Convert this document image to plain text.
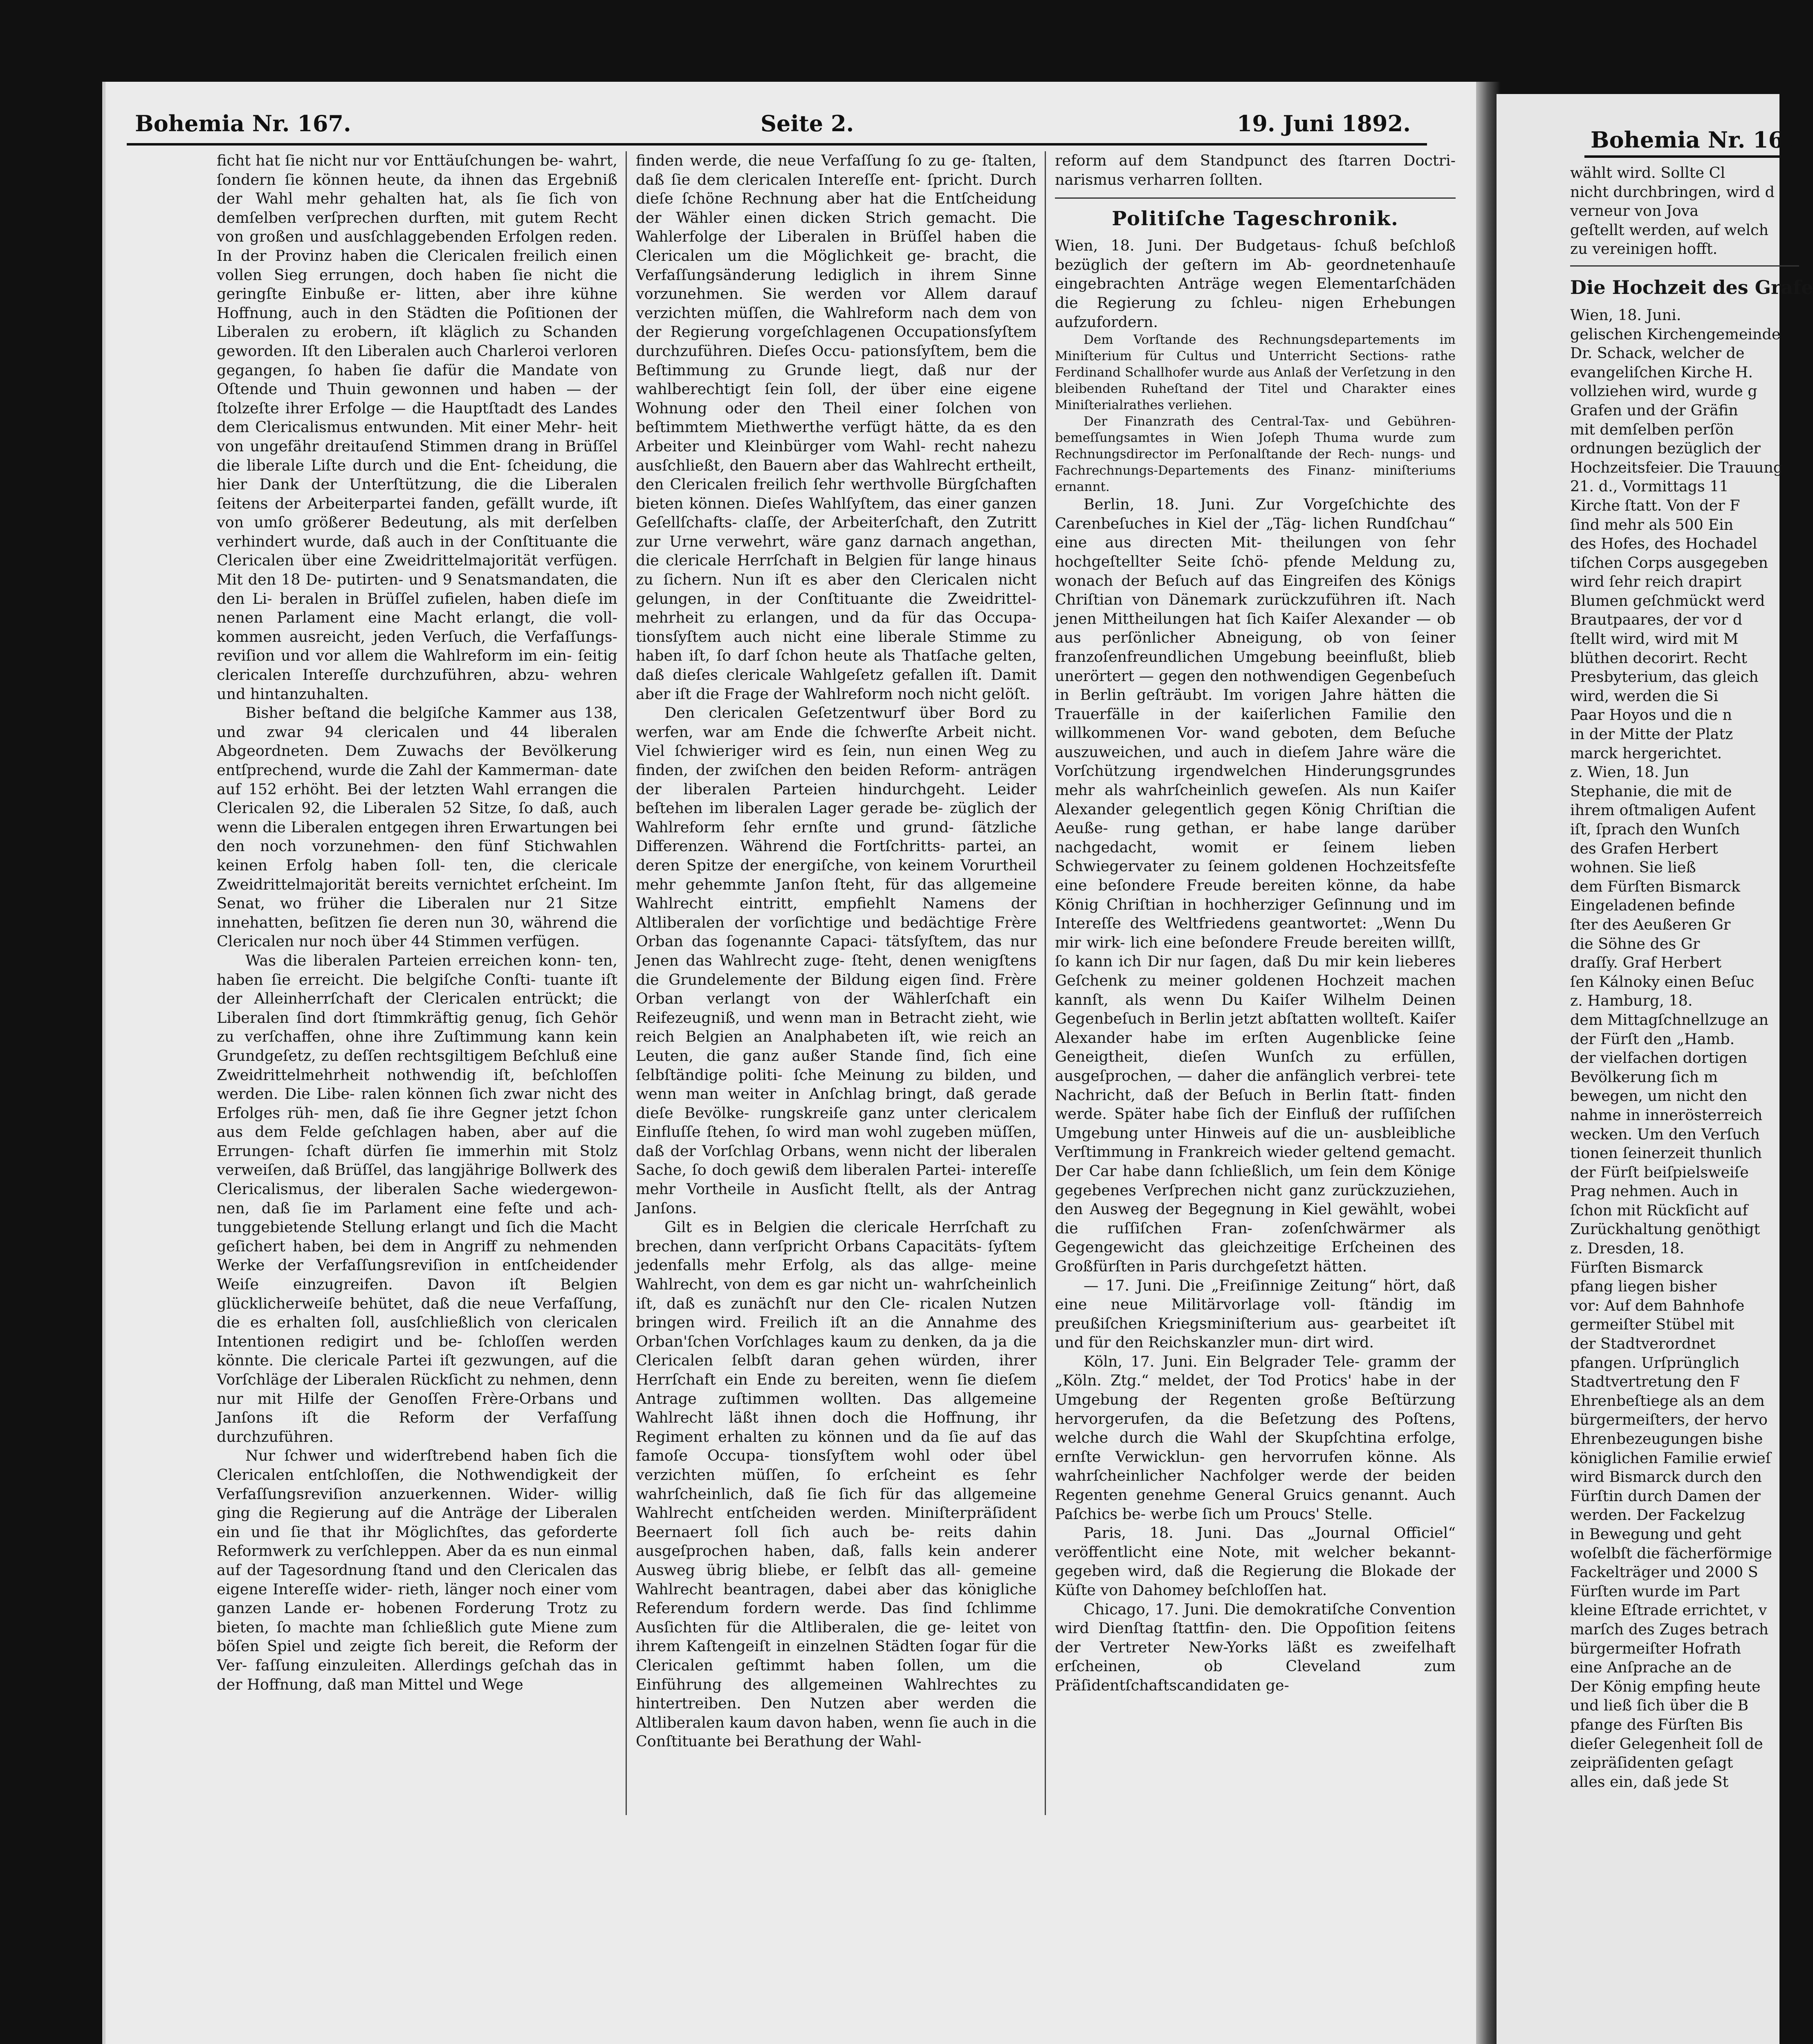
Bohemia Nr. 167.	Seite 2.	19. Juni 1892.

ficht hat ſie nicht nur vor Enttäuſchungen be- wahrt, ſondern ſie können heute, da ihnen das Ergebniß der Wahl mehr gehalten hat, als ſie ſich von demſelben verſprechen durften, mit gutem Recht von großen und ausſchlaggebenden Erfolgen reden. In der Provinz haben die Clericalen freilich einen vollen Sieg errungen, doch haben ſie nicht die geringſte Einbuße er- litten, aber ihre kühne Hoffnung, auch in den Städten die Poſitionen der Liberalen zu erobern, iſt kläglich zu Schanden geworden. Iſt den Liberalen auch Charleroi verloren gegangen, ſo haben ſie dafür die Mandate von Oſtende und Thuin gewonnen und haben — der ſtolzeſte ihrer Erfolge — die Hauptſtadt des Landes dem Clericalismus entwunden. Mit einer Mehr- heit von ungefähr dreitauſend Stimmen drang in Brüſſel die liberale Liſte durch und die Ent- ſcheidung, die hier Dank der Unterſtützung, die die Liberalen ſeitens der Arbeiterpartei fanden, gefällt wurde, iſt von umſo größerer Bedeutung, als mit derſelben verhindert wurde, daß auch in der Conſtituante die Clericalen über eine Zweidrittelmajorität verfügen. Mit den 18 De- putirten- und 9 Senatsmandaten, die den Li- beralen in Brüſſel zufielen, haben dieſe im nenen Parlament eine Macht erlangt, die voll- kommen ausreicht, jeden Verſuch, die Verfaſſungs- reviſion und vor allem die Wahlreform im ein- ſeitig clericalen Intereſſe durchzuführen, abzu- wehren und hintanzuhalten.

Bisher beſtand die belgiſche Kammer aus 138, und zwar 94 clericalen und 44 liberalen Abgeordneten. Dem Zuwachs der Bevölkerung entſprechend, wurde die Zahl der Kammerman- date auf 152 erhöht. Bei der letzten Wahl errangen die Clericalen 92, die Liberalen 52 Sitze, ſo daß, auch wenn die Liberalen entgegen ihren Erwartungen bei den noch vorzunehmen- den fünf Stichwahlen keinen Erfolg haben ſoll- ten, die clericale Zweidrittelmajorität bereits vernichtet erſcheint. Im Senat, wo früher die Liberalen nur 21 Sitze innehatten, beſitzen ſie deren nun 30, während die Clericalen nur noch über 44 Stimmen verfügen.

Was die liberalen Parteien erreichen konn- ten, haben ſie erreicht. Die belgiſche Conſti- tuante iſt der Alleinherrſchaft der Clericalen entrückt; die Liberalen ſind dort ſtimmkräftig genug, ſich Gehör zu verſchaffen, ohne ihre Zuſtimmung kann kein Grundgeſetz, zu deſſen rechtsgiltigem Beſchluß eine Zweidrittelmehrheit nothwendig iſt, beſchloſſen werden. Die Libe- ralen können ſich zwar nicht des Erfolges rüh- men, daß ſie ihre Gegner jetzt ſchon aus dem Felde geſchlagen haben, aber auf die Errungen- ſchaft dürfen ſie immerhin mit Stolz verweiſen, daß Brüſſel, das langjährige Bollwerk des Clericalismus, der liberalen Sache wiedergewon- nen, daß ſie im Parlament eine feſte und ach- tunggebietende Stellung erlangt und ſich die Macht geſichert haben, bei dem in Angriff zu nehmenden Werke der Verfaſſungsreviſion in entſcheidender Weiſe einzugreifen. Davon iſt Belgien glücklicherweiſe behütet, daß die neue Verfaſſung, die es erhalten ſoll, ausſchließlich von clericalen Intentionen redigirt und be- ſchloſſen werden könnte. Die clericale Partei iſt gezwungen, auf die Vorſchläge der Liberalen Rückſicht zu nehmen, denn nur mit Hilfe der Genoſſen Frère-Orbans und Janſons iſt die Reform der Verfaſſung durchzuführen.

Nur ſchwer und widerſtrebend haben ſich die Clericalen entſchloſſen, die Nothwendigkeit der Verfaſſungsreviſion anzuerkennen. Wider- willig ging die Regierung auf die Anträge der Liberalen ein und ſie that ihr Möglichſtes, das geforderte Reformwerk zu verſchleppen. Aber da es nun einmal auf der Tagesordnung ſtand und den Clericalen das eigene Intereſſe wider- rieth, länger noch einer vom ganzen Lande er- hobenen Forderung Trotz zu bieten, ſo machte man ſchließlich gute Miene zum böſen Spiel und zeigte ſich bereit, die Reform der Ver- faſſung einzuleiten. Allerdings geſchah das in der Hoffnung, daß man Mittel und Wege

finden werde, die neue Verfaſſung ſo zu ge- ſtalten, daß ſie dem clericalen Intereſſe ent- ſpricht. Durch dieſe ſchöne Rechnung aber hat die Entſcheidung der Wähler einen dicken Strich gemacht. Die Wahlerfolge der Liberalen in Brüſſel haben die Clericalen um die Möglichkeit ge- bracht, die Verfaſſungsänderung lediglich in ihrem Sinne vorzunehmen. Sie werden vor Allem darauf verzichten müſſen, die Wahlreform nach dem von der Regierung vorgeſchlagenen Occupationsſyſtem durchzuführen. Dieſes Occu- pationsſyſtem, bem die Beſtimmung zu Grunde liegt, daß nur der wahlberechtigt ſein ſoll, der über eine eigene Wohnung oder den Theil einer ſolchen von beſtimmtem Miethwerthe verfügt hätte, da es den Arbeiter und Kleinbürger vom Wahl- recht nahezu ausſchließt, den Bauern aber das Wahlrecht ertheilt, den Clericalen freilich ſehr werthvolle Bürgſchaften bieten können. Dieſes Wahlſyſtem, das einer ganzen Geſellſchafts- claſſe, der Arbeiterſchaft, den Zutritt zur Urne verwehrt, wäre ganz darnach angethan, die clericale Herrſchaft in Belgien für lange hinaus zu ſichern. Nun iſt es aber den Clericalen nicht gelungen, in der Conſtituante die Zweidrittel- mehrheit zu erlangen, und da für das Occupa- tionsſyſtem auch nicht eine liberale Stimme zu haben iſt, ſo darf ſchon heute als Thatſache gelten, daß dieſes clericale Wahlgeſetz gefallen iſt. Damit aber iſt die Frage der Wahlreform noch nicht gelöſt.

Den clericalen Geſetzentwurf über Bord zu werfen, war am Ende die ſchwerſte Arbeit nicht. Viel ſchwieriger wird es ſein, nun einen Weg zu finden, der zwiſchen den beiden Reform- anträgen der liberalen Parteien hindurchgeht. Leider beſtehen im liberalen Lager gerade be- züglich der Wahlreform ſehr ernſte und grund- ſätzliche Differenzen. Während die Fortſchritts- partei, an deren Spitze der energiſche, von keinem Vorurtheil mehr gehemmte Janſon ſteht, für das allgemeine Wahlrecht eintritt, empfiehlt Namens der Altliberalen der vorſichtige und bedächtige Frère Orban das ſogenannte Capaci- tätsſyſtem, das nur Jenen das Wahlrecht zuge- ſteht, denen wenigſtens die Grundelemente der Bildung eigen ſind. Frère Orban verlangt von der Wählerſchaft ein Reifezeugniß, und wenn man in Betracht zieht, wie reich Belgien an Analphabeten iſt, wie reich an Leuten, die ganz außer Stande ſind, ſich eine ſelbſtändige politi- ſche Meinung zu bilden, und wenn man weiter in Anſchlag bringt, daß gerade dieſe Bevölke- rungskreiſe ganz unter clericalem Einfluſſe ſtehen, ſo wird man wohl zugeben müſſen, daß der Vorſchlag Orbans, wenn nicht der liberalen Sache, ſo doch gewiß dem liberalen Partei- intereſſe mehr Vortheile in Ausſicht ſtellt, als der Antrag Janſons.

Gilt es in Belgien die clericale Herrſchaft zu brechen, dann verſpricht Orbans Capacitäts- ſyſtem jedenfalls mehr Erfolg, als das allge- meine Wahlrecht, von dem es gar nicht un- wahrſcheinlich iſt, daß es zunächſt nur den Cle- ricalen Nutzen bringen wird. Freilich iſt an die Annahme des Orban'ſchen Vorſchlages kaum zu denken, da ja die Clericalen ſelbſt daran gehen würden, ihrer Herrſchaft ein Ende zu bereiten, wenn ſie dieſem Antrage zuſtimmen wollten. Das allgemeine Wahlrecht läßt ihnen doch die Hoffnung, ihr Regiment erhalten zu können und da ſie auf das famoſe Occupa- tionsſyſtem wohl oder übel verzichten müſſen, ſo erſcheint es ſehr wahrſcheinlich, daß ſie ſich für das allgemeine Wahlrecht entſcheiden werden. Miniſterpräſident Beernaert ſoll ſich auch be- reits dahin ausgeſprochen haben, daß, falls kein anderer Ausweg übrig bliebe, er ſelbſt das all- gemeine Wahlrecht beantragen, dabei aber das königliche Referendum fordern werde. Das ſind ſchlimme Ausſichten für die Altliberalen, die ge- leitet von ihrem Kaſtengeiſt in einzelnen Städten ſogar für die Clericalen geſtimmt haben ſollen, um die Einführung des allgemeinen Wahlrechtes zu hintertreiben. Den Nutzen aber werden die Altliberalen kaum davon haben, wenn ſie auch in die Conſtituante bei Berathung der Wahl-

reform auf dem Standpunct des ſtarren Doctri- narismus verharren ſollten.

Politiſche Tageschronik.

Wien, 18. Juni. Der Budgetaus- ſchuß beſchloß bezüglich der geſtern im Ab- geordnetenhauſe eingebrachten Anträge wegen Elementarſchäden die Regierung zu ſchleu- nigen Erhebungen aufzufordern.

Dem Vorſtande des Rechnungsdepartements im Miniſterium für Cultus und Unterricht Sections- rathe Ferdinand Schallhofer wurde aus Anlaß der Verſetzung in den bleibenden Ruheſtand der Titel und Charakter eines Miniſterialrathes verliehen.

Der Finanzrath des Central-Tax- und Gebühren- bemeſſungsamtes in Wien Joſeph Thuma wurde zum Rechnungsdirector im Perſonalſtande der Rech- nungs- und Fachrechnungs-Departements des Finanz- miniſteriums ernannt.

Berlin, 18. Juni. Zur Vorgeſchichte des Carenbeſuches in Kiel der „Täg- lichen Rundſchau“ eine aus directen Mit- theilungen von ſehr hochgeſtellter Seite ſchö- pfende Meldung zu, wonach der Beſuch auf das Eingreifen des Königs Chriſtian von Dänemark zurückzuführen iſt. Nach jenen Mittheilungen hat ſich Kaiſer Alexander — ob aus perſönlicher Abneigung, ob von ſeiner franzoſenfreundlichen Umgebung beeinflußt, blieb unerörtert — gegen den nothwendigen Gegenbeſuch in Berlin geſträubt. Im vorigen Jahre hätten die Trauerfälle in der kaiſerlichen Familie den willkommenen Vor- wand geboten, dem Beſuche auszuweichen, und auch in dieſem Jahre wäre die Vorſchützung irgendwelchen Hinderungsgrundes mehr als wahrſcheinlich geweſen. Als nun Kaiſer Alexander gelegentlich gegen König Chriſtian die Aeuße- rung gethan, er habe lange darüber nachgedacht, womit er ſeinem lieben Schwiegervater zu ſeinem goldenen Hochzeitsfeſte eine beſondere Freude bereiten könne, da habe König Chriſtian in hochherziger Geſinnung und im Intereſſe des Weltfriedens geantwortet: „Wenn Du mir wirk- lich eine beſondere Freude bereiten willſt, ſo kann ich Dir nur ſagen, daß Du mir kein lieberes Geſchenk zu meiner goldenen Hochzeit machen kannſt, als wenn Du Kaiſer Wilhelm Deinen Gegenbeſuch in Berlin jetzt abſtatten wollteſt. Kaiſer Alexander habe im erſten Augenblicke ſeine Geneigtheit, dieſen Wunſch zu erfüllen, ausgeſprochen, — daher die anfänglich verbrei- tete Nachricht, daß der Beſuch in Berlin ſtatt- finden werde. Später habe ſich der Einfluß der ruſſiſchen Umgebung unter Hinweis auf die un- ausbleibliche Verſtimmung in Frankreich wieder geltend gemacht. Der Car habe dann ſchließlich, um ſein dem Könige gegebenes Verſprechen nicht ganz zurückzuziehen, den Ausweg der Begegnung in Kiel gewählt, wobei die ruſſiſchen Fran- zoſenſchwärmer als Gegengewicht das gleichzeitige Erſcheinen des Großfürſten in Paris durchgeſetzt hätten.

— 17. Juni. Die „Freiſinnige Zeitung“ hört, daß eine neue Militärvorlage voll- ſtändig im preußiſchen Kriegsminiſterium aus- gearbeitet iſt und für den Reichskanzler mun- dirt wird.

Köln, 17. Juni. Ein Belgrader Tele- gramm der „Köln. Ztg.“ meldet, der Tod Protics' habe in der Umgebung der Regenten große Beſtürzung hervorgerufen, da die Beſetzung des Poſtens, welche durch die Wahl der Skupſchtina erfolge, ernſte Verwicklun- gen hervorrufen könne. Als wahrſcheinlicher Nachfolger werde der beiden Regenten genehme General Gruics genannt. Auch Paſchics be- werbe ſich um Proucs' Stelle.

Paris, 18. Juni. Das „Journal Officiel“ veröffentlicht eine Note, mit welcher bekannt- gegeben wird, daß die Regierung die Blokade der Küſte von Dahomey beſchloſſen hat.

Chicago, 17. Juni. Die demokratiſche Convention wird Dienſtag ſtattfin- den. Die Oppoſition ſeitens der Vertreter New-Yorks läßt es zweifelhaft erſcheinen, ob Cleveland zum Präſidentſchaftscandidaten ge-

Bohemia Nr. 167
wählt wird. Sollte Cl
nicht durchbringen, wird d
verneur von Jova
geſtellt werden, auf welch
zu vereinigen hofft.
Die Hochzeit des Grafe
Wien, 18. Juni.
gelischen Kirchengemeinde
Dr. Schack, welcher de
evangeliſchen Kirche H.
vollziehen wird, wurde g
Grafen und der Gräfin
mit demſelben perſön
ordnungen bezüglich der
Hochzeitsfeier. Die Trauung
21. d., Vormittags 11
Kirche ſtatt. Von der F
ſind mehr als 500 Ein
des Hofes, des Hochadel
tiſchen Corps ausgegeben
wird ſehr reich drapirt
Blumen geſchmückt werd
Brautpaares, der vor d
ſtellt wird, wird mit M
blüthen decorirt. Recht
Presbyterium, das gleich
wird, werden die Si
Paar Hoyos und die n
in der Mitte der Platz
marck hergerichtet.
z. Wien, 18. Jun
Stephanie, die mit de
ihrem oſtmaligen Aufent
iſt, ſprach den Wunſch
des Grafen Herbert
wohnen. Sie ließ
dem Fürſten Bismarck
Eingeladenen befinde
ſter des Aeußeren Gr
die Söhne des Gr
draſſy. Graf Herbert
ſen Kálnoky einen Beſuc
z. Hamburg, 18.
dem Mittagſchnellzuge an
der Fürſt den „Hamb.
der vielfachen dortigen
Bevölkerung ſich m
bewegen, um nicht den
nahme in innerösterreich
wecken. Um den Verſuch
tionen ſeinerzeit thunlich
der Fürſt beiſpielsweiſe
Prag nehmen. Auch in
ſchon mit Rückſicht auf
Zurückhaltung genöthigt
z. Dresden, 18.
Fürſten Bismarck
pfang liegen bisher
vor: Auf dem Bahnhofe
germeiſter Stübel mit
der Stadtverordnet
pfangen. Urſprünglich
Stadtvertretung den F
Ehrenbeſtiege als an dem
bürgermeiſters, der hervo
Ehrenbezeugungen bishe
königlichen Familie erwieſ
wird Bismarck durch den
Fürſtin durch Damen der
werden. Der Fackelzug
in Bewegung und geht
woſelbſt die fächerförmige
Fackelträger und 2000 S
Fürſten wurde im Part
kleine Eſtrade errichtet, v
marſch des Zuges betrach
bürgermeiſter Hofrath
eine Anſprache an de
Der König empfing heute
und ließ ſich über die B
pfange des Fürſten Bis
dieſer Gelegenheit ſoll de
zeipräſidenten geſagt
alles ein, daß jede St
